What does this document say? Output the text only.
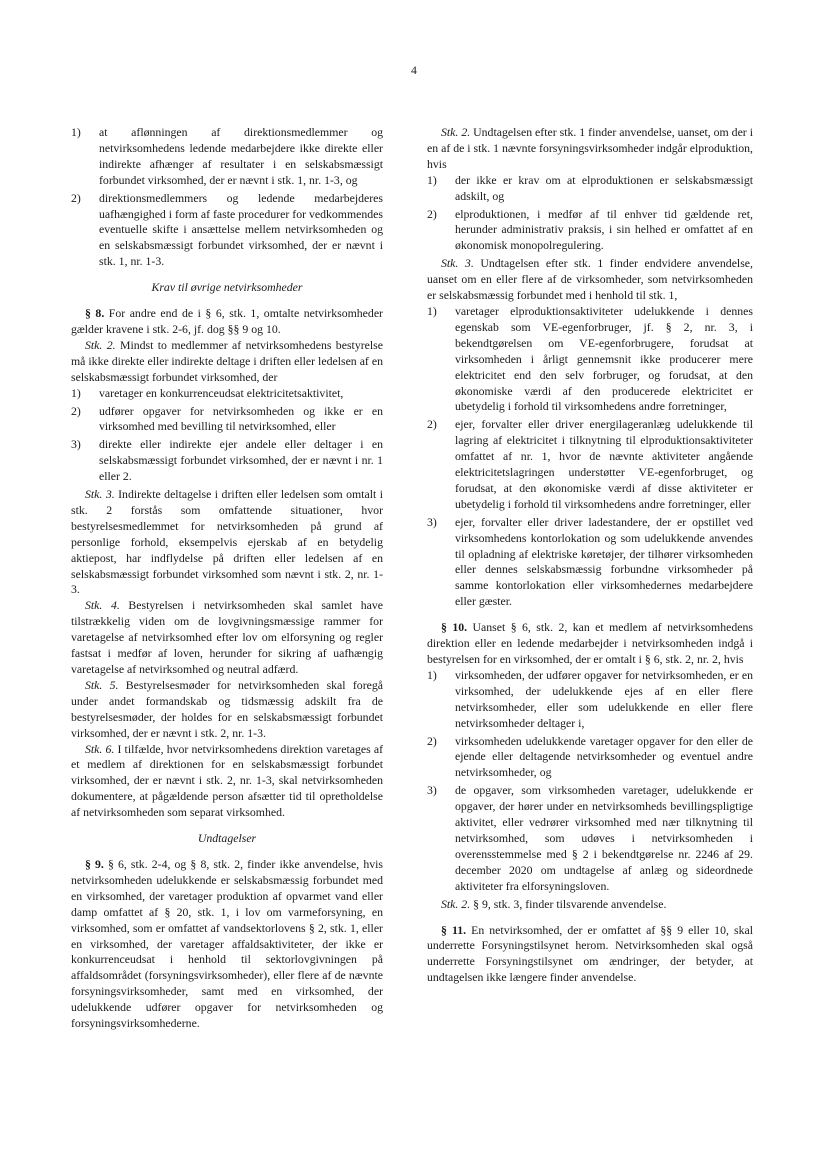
4
1)	at aflønningen af direktionsmedlemmer og netvirksomhedens ledende medarbejdere ikke direkte eller indirekte afhænger af resultater i en selskabsmæssigt forbundet virksomhed, der er nævnt i stk. 1, nr. 1-3, og
2)	direktionsmedlemmers og ledende medarbejderes uafhængighed i form af faste procedurer for vedkommendes eventuelle skifte i ansættelse mellem netvirksomheden og en selskabsmæssigt forbundet virksomhed, der er nævnt i stk. 1, nr. 1-3.
Krav til øvrige netvirksomheder

§ 8. For andre end de i § 6, stk. 1, omtalte netvirksomheder gælder kravene i stk. 2-6, jf. dog §§ 9 og 10.

Stk. 2. Mindst to medlemmer af netvirksomhedens bestyrelse må ikke direkte eller indirekte deltage i driften eller ledelsen af en selskabsmæssigt forbundet virksomhed, der

1)	varetager en konkurrenceudsat elektricitetsaktivitet,
2)	udfører opgaver for netvirksomheden og ikke er en virksomhed med bevilling til netvirksomhed, eller
3)	direkte eller indirekte ejer andele eller deltager i en selskabsmæssigt forbundet virksomhed, der er nævnt i nr. 1 eller 2.

Stk. 3. Indirekte deltagelse i driften eller ledelsen som omtalt i stk. 2 forstås som omfattende situationer, hvor bestyrelsesmedlemmet for netvirksomheden på grund af personlige forhold, eksempelvis ejerskab af en betydelig aktiepost, har indflydelse på driften eller ledelsen af en selskabsmæssigt forbundet virksomhed som nævnt i stk. 2, nr. 1-3.

Stk. 4. Bestyrelsen i netvirksomheden skal samlet have tilstrækkelig viden om de lovgivningsmæssige rammer for varetagelse af netvirksomhed efter lov om elforsyning og regler fastsat i medfør af loven, herunder for sikring af uafhængig varetagelse af netvirksomhed og neutral adfærd.

Stk. 5. Bestyrelsesmøder for netvirksomheden skal foregå under andet formandskab og tidsmæssig adskilt fra de bestyrelsesmøder, der holdes for en selskabsmæssigt forbundet virksomhed, der er nævnt i stk. 2, nr. 1-3.

Stk. 6. I tilfælde, hvor netvirksomhedens direktion varetages af et medlem af direktionen for en selskabsmæssigt forbundet virksomhed, der er nævnt i stk. 2, nr. 1-3, skal netvirksomheden dokumentere, at pågældende person afsætter tid til opretholdelse af netvirksomheden som separat virksomhed.

Undtagelser

§ 9. § 6, stk. 2-4, og § 8, stk. 2, finder ikke anvendelse, hvis netvirksomheden udelukkende er selskabsmæssig forbundet med en virksomhed, der varetager produktion af opvarmet vand eller damp omfattet af § 20, stk. 1, i lov om varmeforsyning, en virksomhed, som er omfattet af vandsektorlovens § 2, stk. 1, eller en virksomhed, der varetager affaldsaktiviteter, der ikke er konkurrenceudsat i henhold til sektorlovgivningen på affaldsområdet (forsyningsvirksomheder), eller flere af de nævnte forsyningsvirksomheder, samt med en virksomhed, der udelukkende udfører opgaver for netvirksomheden og forsyningsvirksomhederne.

Stk. 2. Undtagelsen efter stk. 1 finder anvendelse, uanset, om der i en af de i stk. 1 nævnte forsyningsvirksomheder indgår elproduktion, hvis

1)	der ikke er krav om at elproduktionen er selskabsmæssigt adskilt, og
2)	elproduktionen, i medfør af til enhver tid gældende ret, herunder administrativ praksis, i sin helhed er omfattet af en økonomisk monopolregulering.

Stk. 3. Undtagelsen efter stk. 1 finder endvidere anvendelse, uanset om en eller flere af de virksomheder, som netvirksomheden er selskabsmæssig forbundet med i henhold til stk. 1,

1)	varetager elproduktionsaktiviteter udelukkende i dennes egenskab som VE-egenforbruger, jf. § 2, nr. 3, i bekendtgørelsen om VE-egenforbrugere, forudsat at virksomheden i årligt gennemsnit ikke producerer mere elektricitet end den selv forbruger, og forudsat, at den økonomiske værdi af den producerede elektricitet er ubetydelig i forhold til virksomhedens andre forretninger,
2)	ejer, forvalter eller driver energilageranlæg udelukkende til lagring af elektricitet i tilknytning til elproduktionsaktiviteter omfattet af nr. 1, hvor de nævnte aktiviteter angående elektricitetslagringen understøtter VE-egenforbruget, og forudsat, at den økonomiske værdi af disse aktiviteter er ubetydelig i forhold til virksomhedens andre forretninger, eller
3)	ejer, forvalter eller driver ladestandere, der er opstillet ved virksomhedens kontorlokation og som udelukkende anvendes til opladning af elektriske køretøjer, der tilhører virksomheden eller dennes selskabsmæssig forbundne virksomheder på samme kontorlokation eller virksomhedernes medarbejdere eller gæster.

§ 10. Uanset § 6, stk. 2, kan et medlem af netvirksomhedens direktion eller en ledende medarbejder i netvirksomheden indgå i bestyrelsen for en virksomhed, der er omtalt i § 6, stk. 2, nr. 2, hvis

1)	virksomheden, der udfører opgaver for netvirksomheden, er en virksomhed, der udelukkende ejes af en eller flere netvirksomheder, eller som udelukkende en eller flere netvirksomheder deltager i,
2)	virksomheden udelukkende varetager opgaver for den eller de ejende eller deltagende netvirksomheder og eventuel andre netvirksomheder, og
3)	de opgaver, som virksomheden varetager, udelukkende er opgaver, der hører under en netvirksomheds bevillingspligtige aktivitet, eller vedrører virksomhed med nær tilknytning til netvirksomhed, som udøves i netvirksomheden i overensstemmelse med § 2 i bekendtgørelse nr. 2246 af 29. december 2020 om undtagelse af anlæg og sideordnede aktiviteter fra elforsyningsloven.

Stk. 2. § 9, stk. 3, finder tilsvarende anvendelse.

§ 11. En netvirksomhed, der er omfattet af §§ 9 eller 10, skal underrette Forsyningstilsynet herom. Netvirksomheden skal også underrette Forsyningstilsynet om ændringer, der betyder, at undtagelsen ikke længere finder anvendelse.
